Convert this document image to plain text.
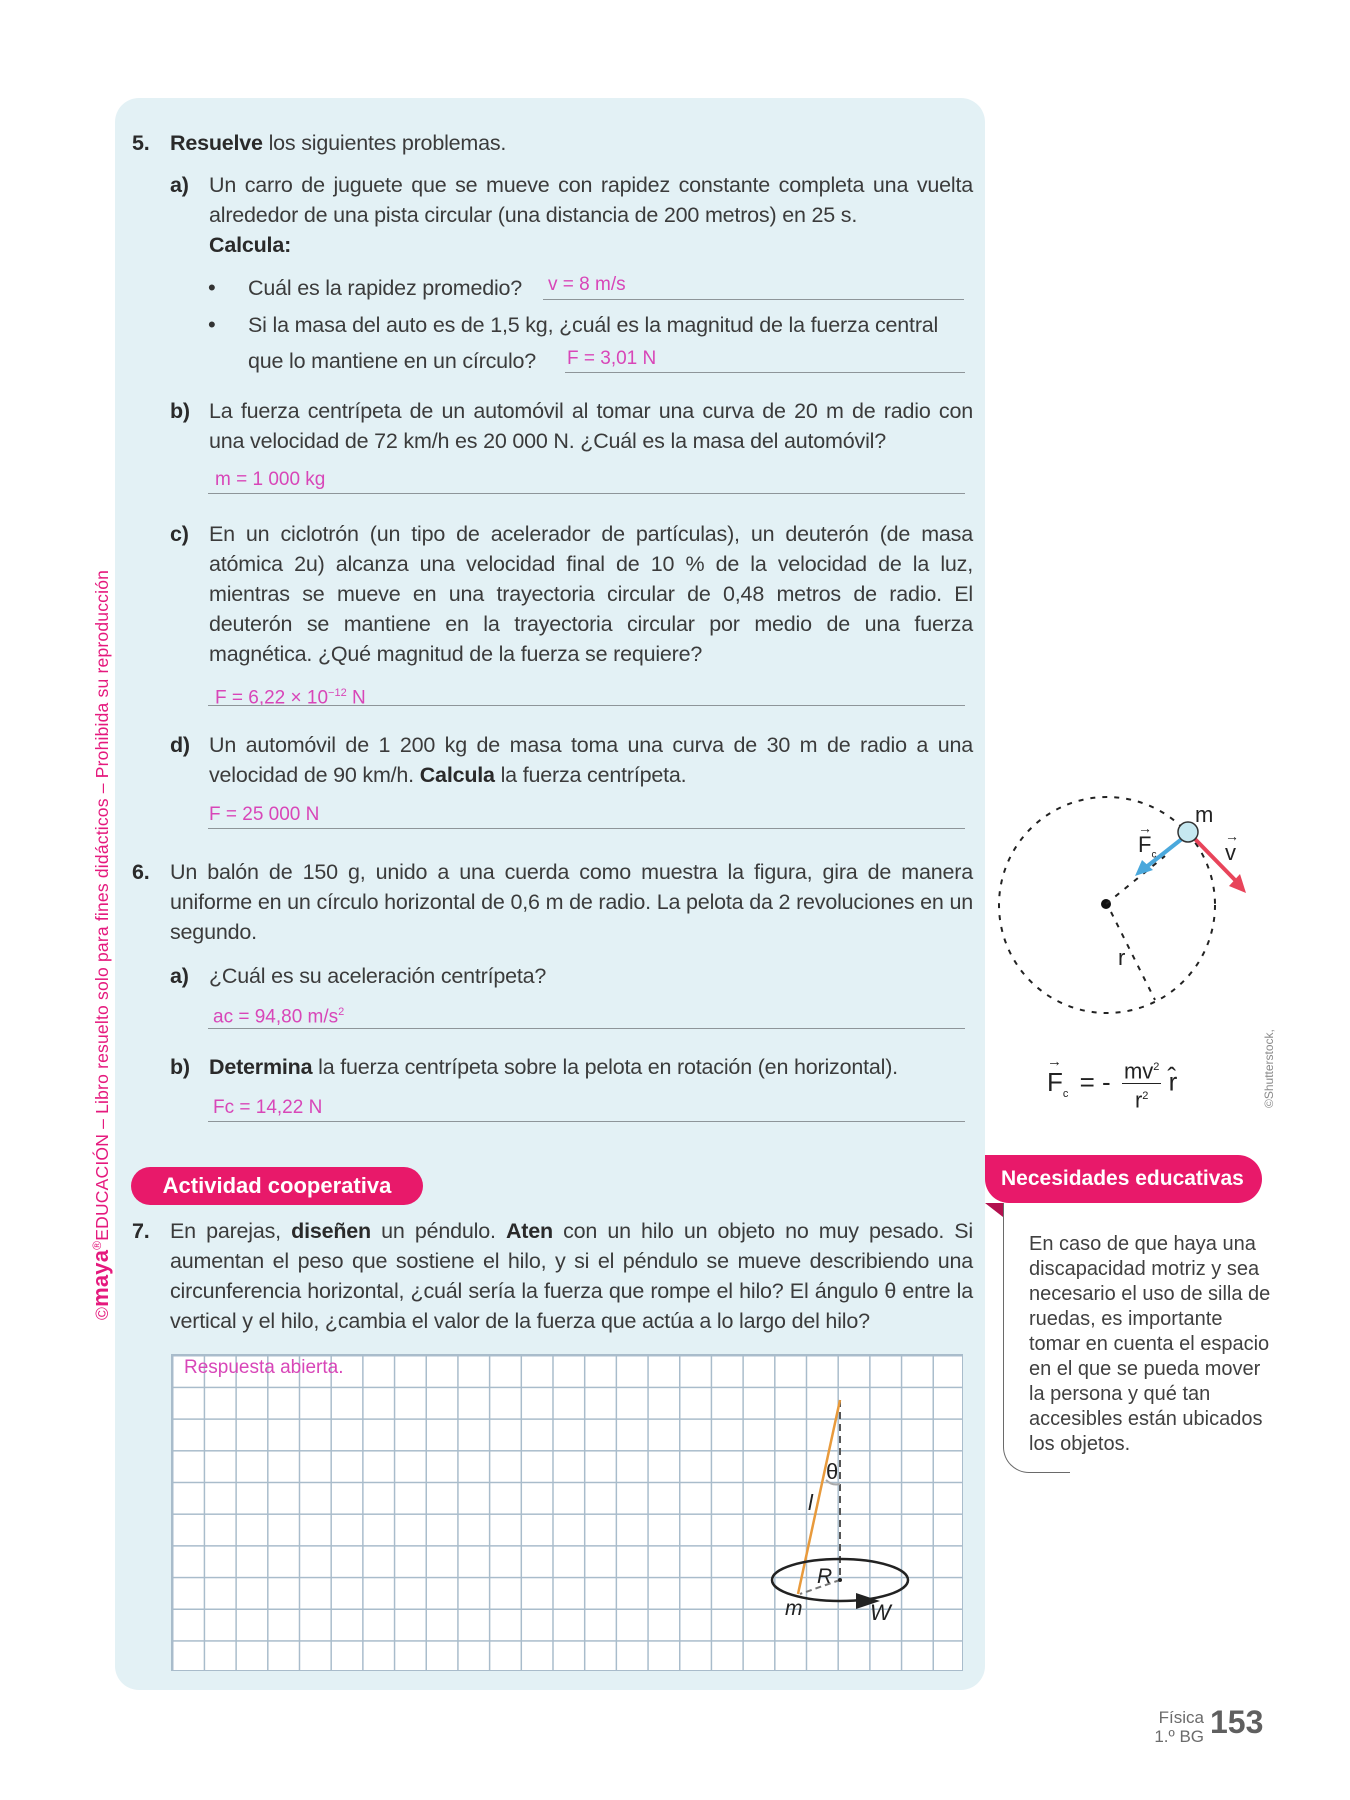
©maya®EDUCACIÓN – Libro resuelto solo para fines didácticos – Prohibida su reproducción
5. Resuelve los siguientes problemas.
a) Un carro de juguete que se mueve con rapidez constante completa una vuelta alrededor de una pista circular (una distancia de 200 metros) en 25 s.
Calcula:
• Cuál es la rapidez promedio? v = 8 m/s
• Si la masa del auto es de 1,5 kg, ¿cuál es la magnitud de la fuerza central
que lo mantiene en un círculo? F = 3,01 N
b) La fuerza centrípeta de un automóvil al tomar una curva de 20 m de radio con una velocidad de 72 km/h es 20 000 N. ¿Cuál es la masa del automóvil?
m = 1 000 kg
c) En un ciclotrón (un tipo de acelerador de partículas), un deuterón (de masa atómica 2u) alcanza una velocidad final de 10 % de la velocidad de la luz, mientras se mueve en una trayectoria circular de 0,48 metros de radio. El deuterón se mantiene en la trayectoria circular por medio de una fuerza magnética. ¿Qué magnitud de la fuerza se requiere?
$F = 6,22 \times 10^{-12}$ N
d) Un automóvil de 1 200 kg de masa toma una curva de 30 m de radio a una velocidad de 90 km/h. Calcula la fuerza centrípeta.
F = 25 000 N
6. Un balón de 150 g, unido a una cuerda como muestra la figura, gira de manera uniforme en un círculo horizontal de 0,6 m de radio. La pelota da 2 revoluciones en un segundo.
a) ¿Cuál es su aceleración centrípeta?
ac = 94,80 $m/s^2$
b) Determina la fuerza centrípeta sobre la pelota en rotación (en horizontal).
Fc = 14,22 N
m
→
$F_c$
→
v
r
→
$F_c$ = - $\frac{mv^2}{r^2}$ r̂	©Shutterstock,
Actividad cooperativa
7. En parejas, diseñen un péndulo. Aten con un hilo un objeto no muy pesado. Si aumentan el peso que sostiene el hilo, y si el péndulo se mueve describiendo una circunferencia horizontal, ¿cuál sería la fuerza que rompe el hilo? El ángulo θ entre la vertical y el hilo, ¿cambia el valor de la fuerza que actúa a lo largo del hilo?
Respuesta abierta.
θ
l
R
m	W
Necesidades educativas
En caso de que haya una discapacidad motriz y sea necesario el uso de silla de ruedas, es importante tomar en cuenta el espacio en el que se pueda mover la persona y qué tan accesibles están ubicados los objetos.
Física
1.º BG 153
